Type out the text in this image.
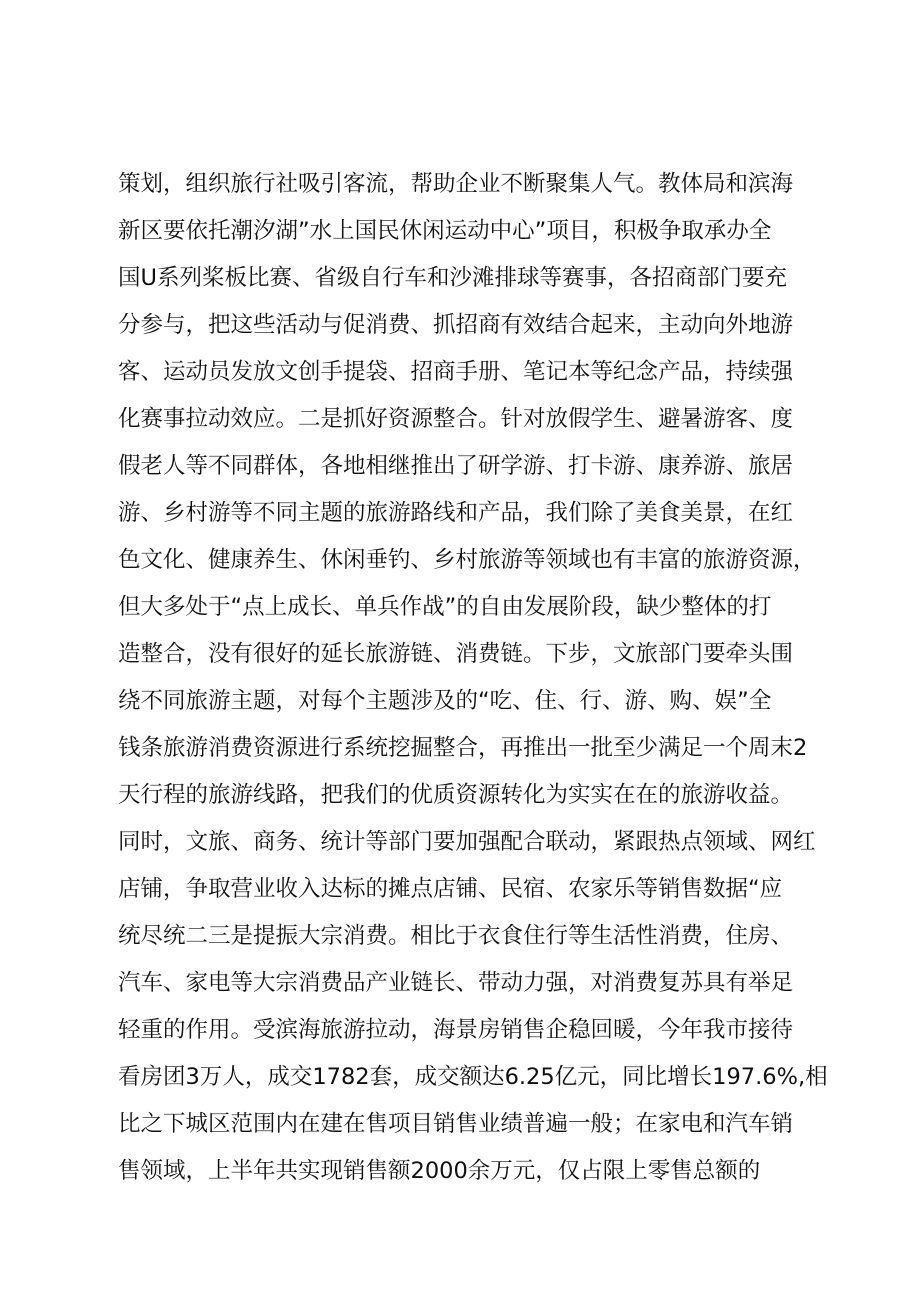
策划，组织旅行社吸引客流，帮助企业不断聚集人气。教体局和滨海
新区要依托潮汐湖”水上国民休闲运动中心”项目，积极争取承办全
国U系列桨板比赛、省级自行车和沙滩排球等赛事，各招商部门要充
分参与，把这些活动与促消费、抓招商有效结合起来，主动向外地游
客、运动员发放文创手提袋、招商手册、笔记本等纪念产品，持续强
化赛事拉动效应。二是抓好资源整合。针对放假学生、避暑游客、度
假老人等不同群体，各地相继推出了研学游、打卡游、康养游、旅居
游、乡村游等不同主题的旅游路线和产品，我们除了美食美景，在红
色文化、健康养生、休闲垂钓、乡村旅游等领域也有丰富的旅游资源，
但大多处于“点上成长、单兵作战”的自由发展阶段，缺少整体的打
造整合，没有很好的延长旅游链、消费链。下步，文旅部门要牵头围
绕不同旅游主题，对每个主题涉及的“吃、住、行、游、购、娱”全
钱条旅游消费资源进行系统挖掘整合，再推出一批至少满足一个周末2
天行程的旅游线路，把我们的优质资源转化为实实在在的旅游收益。
同时，文旅、商务、统计等部门要加强配合联动，紧跟热点领域、网红
店铺，争取营业收入达标的摊点店铺、民宿、农家乐等销售数据“应
统尽统二三是提振大宗消费。相比于衣食住行等生活性消费，住房、
汽车、家电等大宗消费品产业链长、带动力强，对消费复苏具有举足
轻重的作用。受滨海旅游拉动，海景房销售企稳回暖，今年我市接待
看房团3万人，成交1782套，成交额达6.25亿元，同比增长197.6%,相
比之下城区范围内在建在售项目销售业绩普遍一般；在家电和汽车销
售领域，上半年共实现销售额2000余万元，仅占限上零售总额的
